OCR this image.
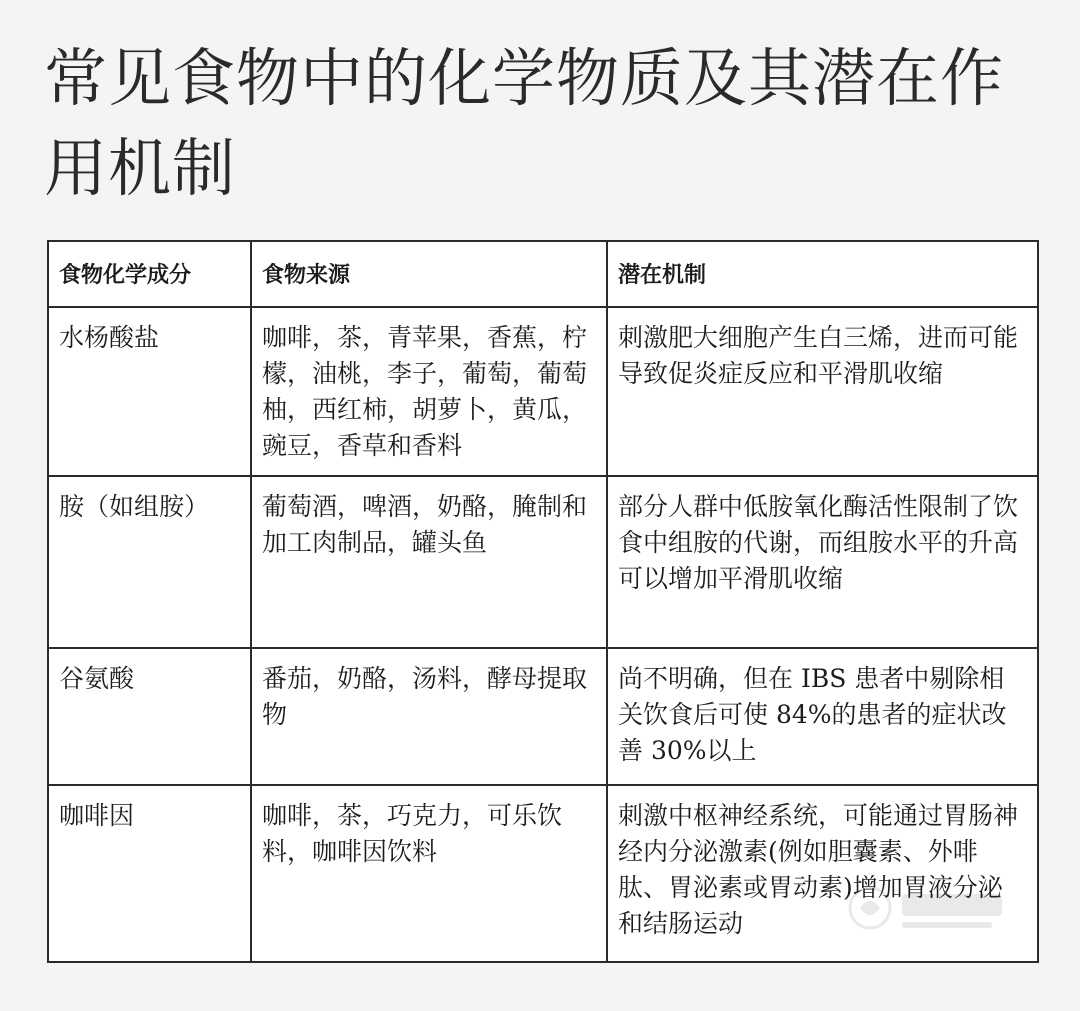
常见食物中的化学物质及其潜在作用机制
食物化学成分	食物来源	潜在机制
水杨酸盐	咖啡，茶，青苹果，香蕉，柠檬，油桃，李子，葡萄，葡萄柚，西红柿，胡萝卜，黄瓜，豌豆，香草和香料	刺激肥大细胞产生白三烯，进而可能导致促炎症反应和平滑肌收缩
胺（如组胺）	葡萄酒，啤酒，奶酪，腌制和加工肉制品，罐头鱼	部分人群中低胺氧化酶活性限制了饮食中组胺的代谢，而组胺水平的升高可以增加平滑肌收缩
谷氨酸	番茄，奶酪，汤料，酵母提取物	尚不明确，但在 IBS 患者中剔除相关饮食后可使 84%的患者的症状改善 30%以上
咖啡因	咖啡，茶，巧克力，可乐饮料，咖啡因饮料	刺激中枢神经系统，可能通过胃肠神经内分泌激素(例如胆囊素、外啡肽、胃泌素或胃动素)增加胃液分泌和结肠运动
